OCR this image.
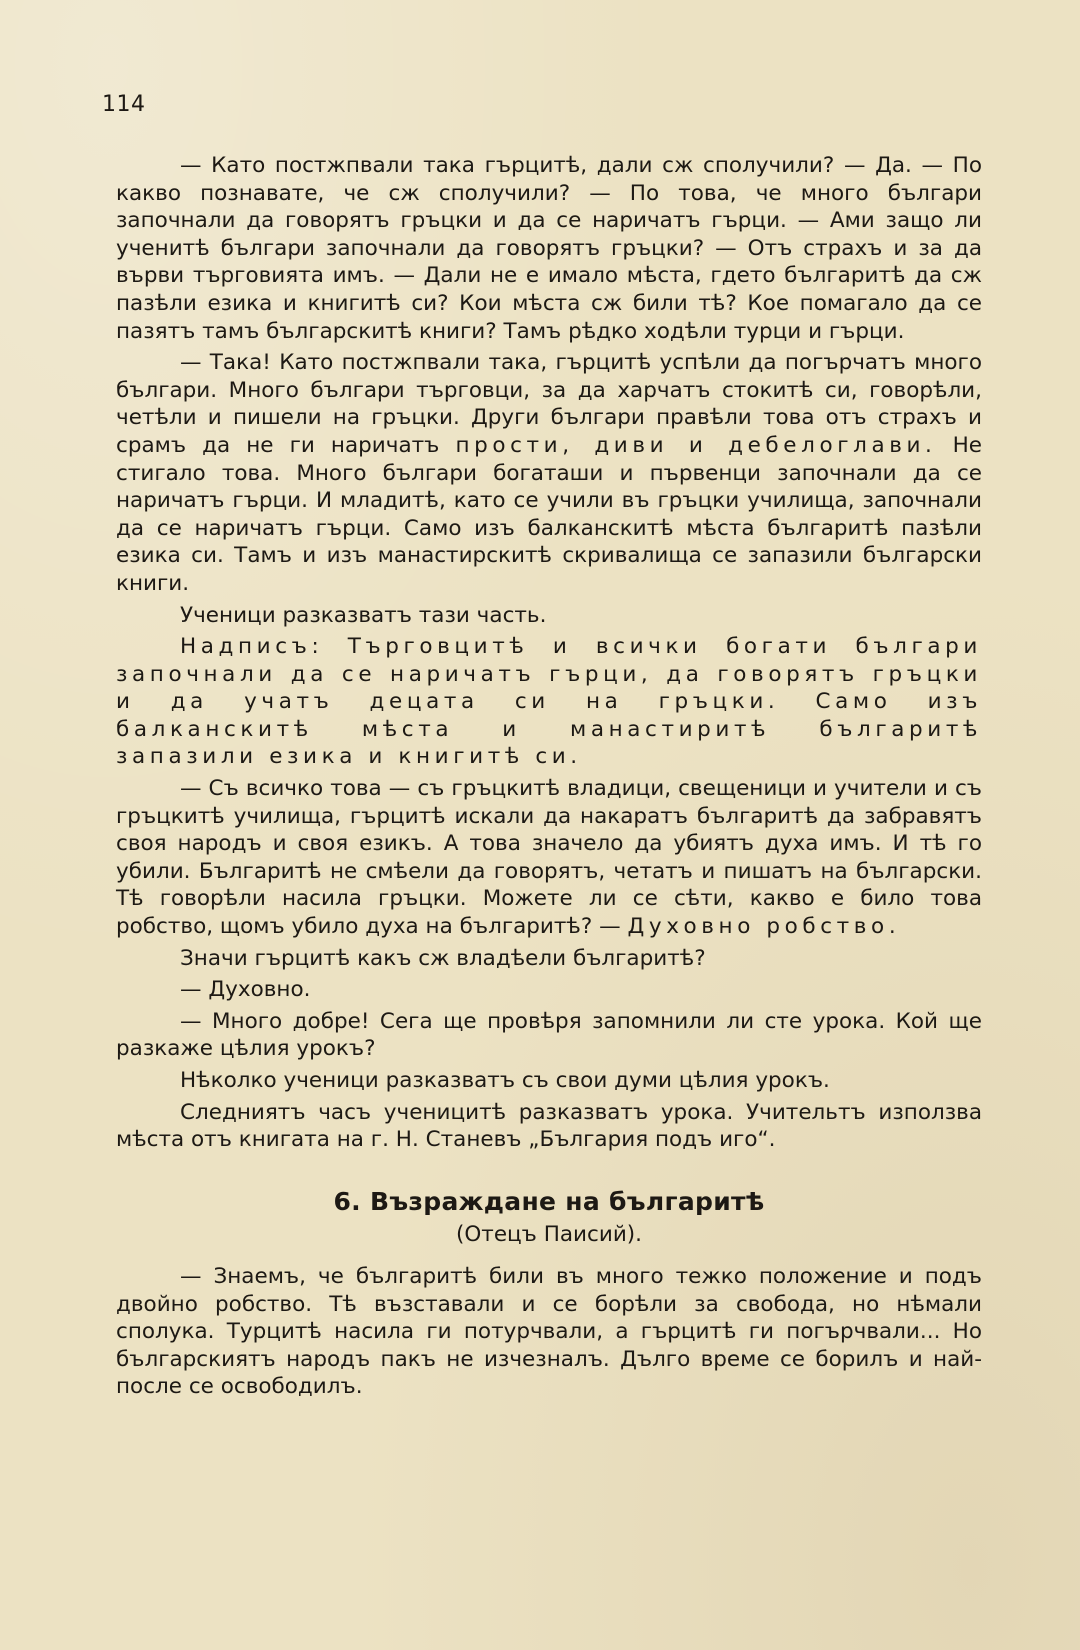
114

— Като постжпвали така гърцитѣ, дали сж сполучили? — Да. — По какво познавате, че сж сполучили? — По това, че много българи започнали да говорятъ гръцки и да се наричатъ гърци. — Ами защо ли ученитѣ българи започнали да говорятъ гръцки? — Отъ страхъ и за да върви търговията имъ. — Дали не е имало мѣста, гдето българитѣ да сж пазѣли езика и книгитѣ си? Кои мѣста сж били тѣ? Кое помагало да се пазятъ тамъ българскитѣ книги? Тамъ рѣдко ходѣли турци и гърци.

— Така! Като постжпвали така, гърцитѣ успѣли да погърчатъ много българи. Много българи търговци, за да харчатъ стокитѣ си, говорѣли, четѣли и пишели на гръцки. Други българи правѣли това отъ страхъ и срамъ да не ги наричатъ прости, диви и дебелоглави. Не стигало това. Много българи богаташи и първенци започнали да се наричатъ гърци. И младитѣ, като се учили въ гръцки училища, започнали да се наричатъ гърци. Само изъ балканскитѣ мѣста българитѣ пазѣли езика си. Тамъ и изъ манастирскитѣ скривалища се запазили български книги.

Ученици разказватъ тази часть.

Надписъ: Търговцитѣ и всички богати българи започнали да се наричатъ гърци, да говорятъ гръцки и да учатъ децата си на гръцки. Само изъ балканскитѣ мѣста и манастиритѣ българитѣ запазили езика и книгитѣ си.

— Съ всичко това — съ гръцкитѣ владици, свещеници и учители и съ гръцкитѣ училища, гърцитѣ искали да накаратъ българитѣ да забравятъ своя народъ и своя езикъ. А това значело да убиятъ духа имъ. И тѣ го убили. Българитѣ не смѣели да говорятъ, четатъ и пишатъ на български. Тѣ говорѣли насила гръцки. Можете ли се сѣти, какво е било това робство, щомъ убило духа на българитѣ? — Духовно робство.

Значи гърцитѣ какъ сж владѣели българитѣ?

— Духовно.

— Много добре! Сега ще провѣря запомнили ли сте урока. Кой ще разкаже цѣлия урокъ?

Нѣколко ученици разказватъ съ свои думи цѣлия урокъ.

Следниятъ часъ ученицитѣ разказватъ урока. Учительтъ използва мѣста отъ книгата на г. Н. Станевъ „България подъ иго“.

6. Възраждане на българитѣ
(Отецъ Паисий).

— Знаемъ, че българитѣ били въ много тежко положение и подъ двойно робство. Тѣ възставали и се борѣли за свобода, но нѣмали сполука. Турцитѣ насила ги потурчвали, а гърцитѣ ги погърчвали... Но българскиятъ народъ пакъ не изчезналъ. Дълго време се борилъ и най-после се освободилъ.
